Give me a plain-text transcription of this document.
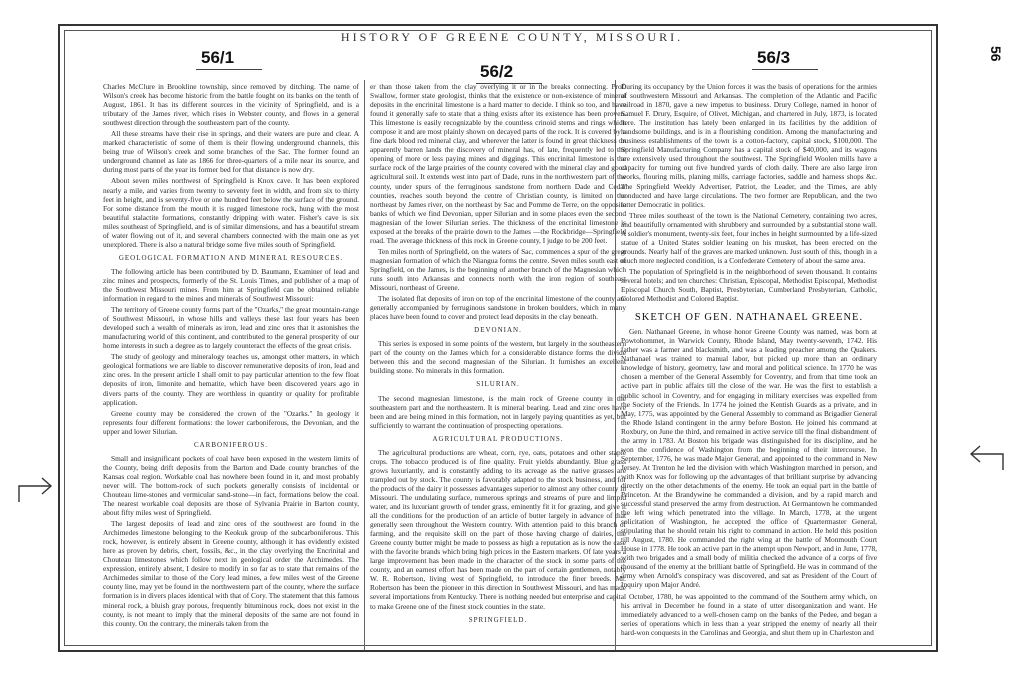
HISTORY OF GREENE COUNTY, MISSOURI.
56/1
56/2
56/3	56

Charles McClure in Brookline township, since removed by ditching. The name of Wilson's creek has become historic from the battle fought on its banks on the tenth of August, 1861. It has its different sources in the vicinity of Springfield, and is a tributary of the James river, which rises in Webster county, and flows in a general southwest direction through the southeastern part of the county.

All these streams have their rise in springs, and their waters are pure and clear. A marked characteristic of some of them is their flowing underground channels, this being true of Wilson's creek and some branches of the Sac. The former found an underground channel as late as 1866 for three-quarters of a mile near its source, and during most parts of the year its former bed for that distance is now dry.

About seven miles northwest of Springfield is Knox cave. It has been explored nearly a mile, and varies from twenty to seventy feet in width, and from six to thirty feet in height, and is seventy-five or one hundred feet below the surface of the ground. For some distance from the mouth it is rugged limestone rock, hung with the most beautiful stalactite formations, constantly dripping with water. Fisher's cave is six miles southeast of Springfield, and is of similar dimensions, and has a beautiful stream of water flowing out of it, and several chambers connected with the main one as yet unexplored. There is also a natural bridge some five miles south of Springfield.

GEOLOGICAL FORMATION AND MINERAL RESOURCES.

The following article has been contributed by D. Baumann, Examiner of lead and zinc mines and prospects, formerly of the St. Louis Times, and publisher of a map of the Southwest Missouri mines. From him at Springfield can be obtained reliable information in regard to the mines and minerals of Southwest Missouri:

The territory of Greene county forms part of the "Ozarks," the great mountain-range of Southwest Missouri, in whose hills and valleys these last four years has been developed such a wealth of minerals as iron, lead and zinc ores that it astonishes the manufacturing world of this continent, and contributed to the general prosperity of our home interests in such a degree as to largely counteract the effects of the great crisis.

The study of geology and mineralogy teaches us, amongst other matters, in which geological formations we are liable to discover remunerative deposits of iron, lead and zinc ores. In the present article I shall omit to pay particular attention to the few float deposits of iron, limonite and hematite, which have been discovered years ago in divers parts of the county. They are worthless in quantity or quality for profitable application.

Greene county may be considered the crown of the "Ozarks." In geology it represents four different formations: the lower carboniferous, the Devonian, and the upper and lower Silurian.

CARBONIFEROUS.

Small and insignificant pockets of coal have been exposed in the western limits of the County, being drift deposits from the Barton and Dade county branches of the Kansas coal region. Workable coal has nowhere been found in it, and most probably never will. The bottom-rock of such pockets generally consists of incidental or Chouteau lime-stones and vermicular sand-stone—in fact, formations below the coal. The nearest workable coal deposits are those of Sylvania Prairie in Barton county, about fifty miles west of Springfield.

The largest deposits of lead and zinc ores of the southwest are found in the Archimedes limestone belonging to the Keokuk group of the subcarboniferous. This rock, however, is entirely absent in Greene county, although it has evidently existed here as proven by debris, chert, fossils, &c., in the clay overlying the Encrinital and Chouteau limestones which follow next in geological order the Archimedes. The expression, entirely absent, I desire to modify in so far as to state that remains of the Archimedes similar to those of the Cory lead mines, a few miles west of the Greene county line, may yet be found in the northwestern part of the county, where the surface formation is in divers places identical with that of Cory. The statement that this famous mineral rock, a bluish gray porous, frequently bituminous rock, does not exist in the county, is not meant to imply that the mineral deposits of the same are not found in this county. On the contrary, the minerals taken from the

er than those taken from the clay overlying it or in the breaks connecting. Prof. Swallow, former state geologist, thinks that the existence or non-existence of mineral deposits in the encrinital limestone is a hard matter to decide. I think so too, and have found it generally safe to state that a thing exists after its existence has been proven. This limestone is easily recognizable by the countless crinoid stems and rings which compose it and are most plainly shown on decayed parts of the rock. It is covered by a fine dark blood red mineral clay, and wherever the latter is found in great thickness on apparently barren lands the discovery of mineral has, of late, frequently led to the opening of more or less paying mines and diggings. This encrinital limestone is the surface rock of the large prairies of the county covered with the mineral clay and good agricultural soil. It extends west into part of Dade, runs in the northwestern part of the county, under spurs of the ferruginous sandstone from northern Dade and Cedar counties, reaches south beyond the centre of Christian county, is limited on the northeast by James river, on the northeast by Sac and Pomme de Terre, on the opposite banks of which we find Devonian, upper Silurian and in some places even the second magnesian of the lower Silurian series. The thickness of the encrinital limestone is exposed at the breaks of the prairie down to the James —the Rockbridge—Springfield road. The average thickness of this rock in Greene county, I judge to be 200 feet.

Ten miles north of Springfield, on the waters of Sac, commences a spur of the great magnesian formation of which the Niangua forms the centre. Seven miles south east of Springfield, on the James, is the beginning of another branch of the Magnesian which runs south into Arkansas and connects north with the iron region of southeast Missouri, northeast of Greene.

The isolated flat deposits of iron on top of the encrinital limestone of the county are generally accompanied by ferruginous sandstone in broken boulders, which in many places have been found to cover and protect lead deposits in the clay beneath.

DEVONIAN.

This series is exposed in some points of the western, but largely in the southeastern part of the county on the James which for a considerable distance forms the divide between this and the second magnesian of the Silurian. It furnishes an excellent building stone. No minerals in this formation.

SILURIAN.

The second magnesian limestone, is the main rock of Greene county in the southeastern part and the northeastern. It is mineral bearing. Lead and zinc ores have been and are being mined in this formation, not in largely paying quantities as yet, but sufficiently to warrant the continuation of prospecting operations.

AGRICULTURAL PRODUCTIONS.

The agricultural productions are wheat, corn, rye, oats, potatoes and other staple crops. The tobacco produced is of fine quality. Fruit yields abundantly. Blue grass grows luxuriantly, and is constantly adding to its acreage as the native grasses are trampled out by stock. The county is favorably adapted to the stock business, and for the products of the dairy it possesses advantages superior to almost any other county in Missouri. The undulating surface, numerous springs and streams of pure and limpid water, and its luxuriant growth of tender grass, eminently fit it for grazing, and give it all the conditions for the production of an article of butter largely in advance of that generally seen throughout the Western country. With attention paid to this branch of farming, and the requisite skill on the part of those having charge of dairies, the Greene county butter might be made to possess as high a reputation as is now the case with the favorite brands which bring high prices in the Eastern markets. Of late years a large improvement has been made in the character of the stock in some parts of the county, and an earnest effort has been made on the part of certain gentlemen, notably W. R. Robertson, living west of Springfield, to introduce the finer breeds. Mr. Robertson has been the pioneer in this direction in Southwest Missouri, and has made several importations from Kentucky. There is nothing needed but enterprise and capital to make Greene one of the finest stock counties in the state.

SPRINGFIELD.

During its occupancy by the Union forces it was the basis of operations for the armies of southwestern Missouri and Arkansas. The completion of the Atlantic and Pacific railroad in 1870, gave a new impetus to business. Drury College, named in honor of Samuel F. Drury, Esquire, of Olivet, Michigan, and chartered in July, 1873, is located here. The institution has lately been enlarged in its facilities by the addition of handsome buildings, and is in a flourishing condition. Among the manufacturing and business establishments of the town is a cotton-factory, capital stock, $100,000. The Springfield Manufacturing Company has a capital stock of $40,000, and its wagons are extensively used throughout the southwest. The Springfield Woolen mills have a capacity for turning out five hundred yards of cloth daily. There are also large iron works, flouring mills, planing mills, carriage factories, saddle and harness shops &c. The Springfield Weekly Advertiser, Patriot, the Leader, and the Times, are ably conducted and have large circulations. The two former are Republican, and the two latter Democratic in politics.

Three miles southeast of the town is the National Cemetery, containing two acres, and beautifully ornamented with shrubbery and surrounded by a substantial stone wall. A soldier's monument, twenty-six feet, four inches in height surmounted by a life-sized statue of a United States soldier leaning on his musket, has been erected on the grounds. Nearly half of the graves are marked unknown. Just south of this, though in a much more neglected condition, is a Confederate Cemetery of about the same area.

The population of Springfield is in the neighborhood of seven thousand. It contains several hotels; and ten churches: Christian, Episcopal, Methodist Episcopal, Methodist Episcopal Church South, Baptist, Presbyterian, Cumberland Presbyterian, Catholic, Colored Methodist and Colored Baptist.

SKETCH OF GEN. NATHANAEL GREENE.

Gen. Nathanael Greene, in whose honor Greene County was named, was born at Powtohommet, in Warwick County, Rhode Island, May twenty-seventh, 1742. His father was a farmer and blacksmith, and was a leading preacher among the Quakers. Nathanael was trained to manual labor, but picked up more than an ordinary knowledge of history, geometry, law and moral and political science. In 1770 he was chosen a member of the General Assembly for Coventry, and from that time took an active part in public affairs till the close of the war. He was the first to establish a public school in Coventry, and for engaging in military exercises was expelled from the Society of the Friends. In 1774 he joined the Kentish Guards as a private, and in May, 1775, was appointed by the General Assembly to command as Brigadier General the Rhode Island contingent in the army before Boston. He joined his command at Roxbury, on June the third, and remained in active service till the final disbandment of the army in 1783. At Boston his brigade was distinguished for its discipline, and he won the confidence of Washington from the beginning of their intercourse. In September, 1776, he was made Major General, and appointed to the command in New Jersey. At Trenton he led the division with which Washington marched in person, and with Knox was for following up the advantages of that brilliant surprise by advancing directly on the other detachments of the enemy. He took an equal part in the battle of Princeton. At the Brandywine he commanded a division, and by a rapid march and successful stand preserved the army from destruction. At Germantown he commanded the left wing which penetrated into the village. In March, 1778, at the urgent solicitation of Washington, he accepted the office of Quartermaster General, stipulating that he should retain his right to command in action. He held this position till August, 1780. He commanded the right wing at the battle of Monmouth Court House in 1778. He took an active part in the attempt upon Newport, and in June, 1778, with two brigades and a small body of militia checked the advance of a corps of five thousand of the enemy at the brilliant battle of Springfield. He was in command of the army when Arnold's conspiracy was discovered, and sat as President of the Court of Inquiry upon Major André.

October, 1780, he was appointed to the command of the Southern army which, on his arrival in December he found in a state of utter disorganization and want. He immediately advanced to a well-chosen camp on the banks of the Pedee, and began a series of operations which in less than a year stripped the enemy of nearly all their hard-won conquests in the Carolinas and Georgia, and shut them up in Charleston and
